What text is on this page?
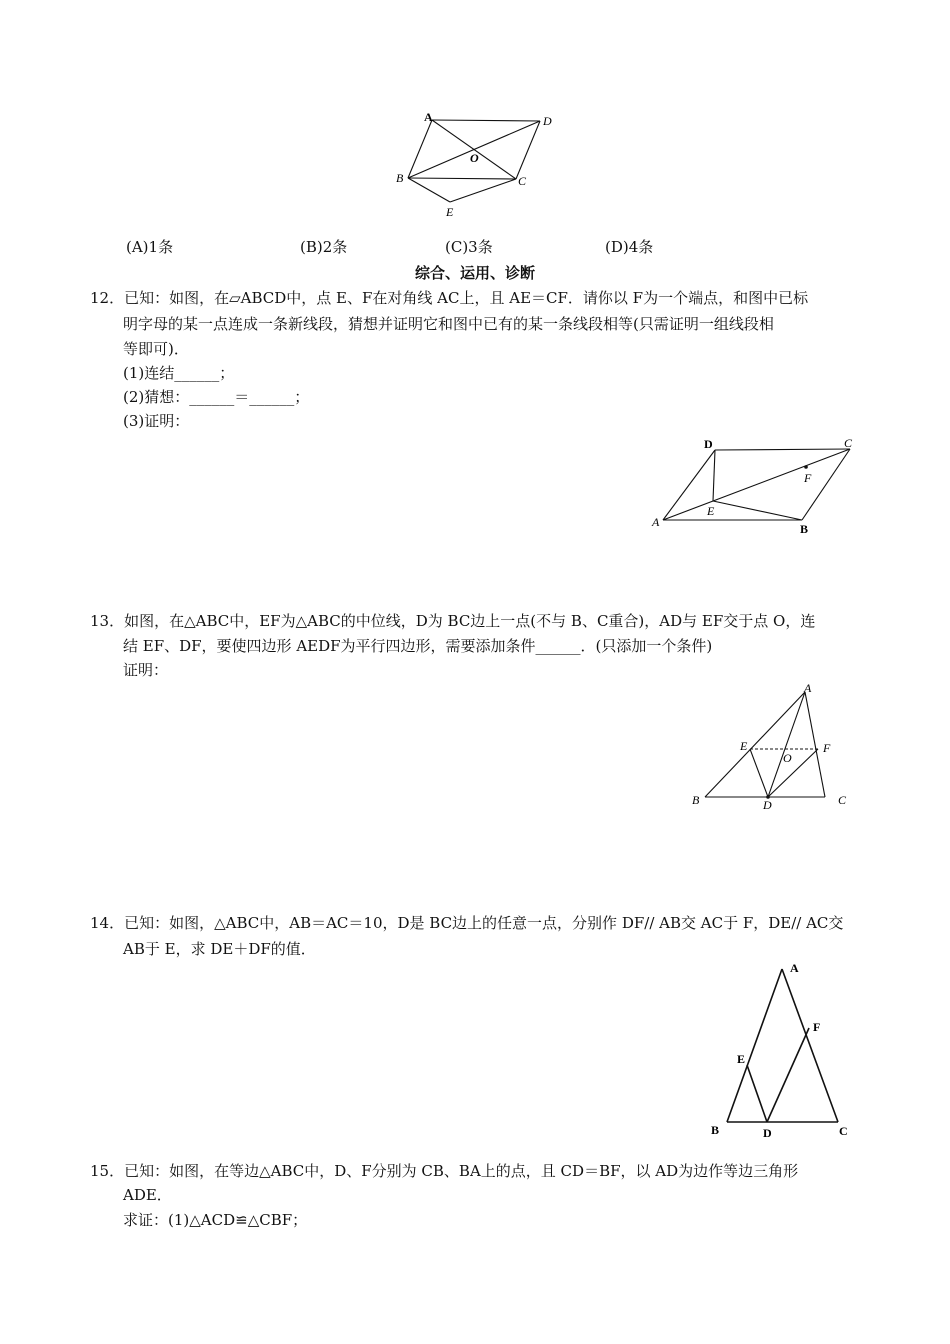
A	D
O
B	C
E
(A)1条	(B)2条	(C)3条	(D)4条
综合、运用、诊断
12．已知：如图，在▱ABCD中，点 E、F在对角线 AC上，且 AE＝CF．请你以 F为一个端点，和图中已标
明字母的某一点连成一条新线段，猜想并证明它和图中已有的某一条线段相等(只需证明一组线段相
等即可)．
(1)连结______；
(2)猜想：______＝______；
(3)证明：
D	C
F
E
A	B
13．如图，在△ABC中，EF为△ABC的中位线，D为 BC边上一点(不与 B、C重合)，AD与 EF交于点 O，连
结 EF、DF，要使四边形 AEDF为平行四边形，需要添加条件______．(只添加一个条件)
证明：
A
E	F
O
B	D	C
14．已知：如图，△ABC中，AB＝AC＝10，D是 BC边上的任意一点，分别作 DF// AB交 AC于 F，DE// AC交
AB于 E，求 DE＋DF的值．
A
F
E
B	D	C
15．已知：如图，在等边△ABC中，D、F分别为 CB、BA上的点，且 CD＝BF，以 AD为边作等边三角形
ADE．
求证：(1)△ACD≌△CBF；
